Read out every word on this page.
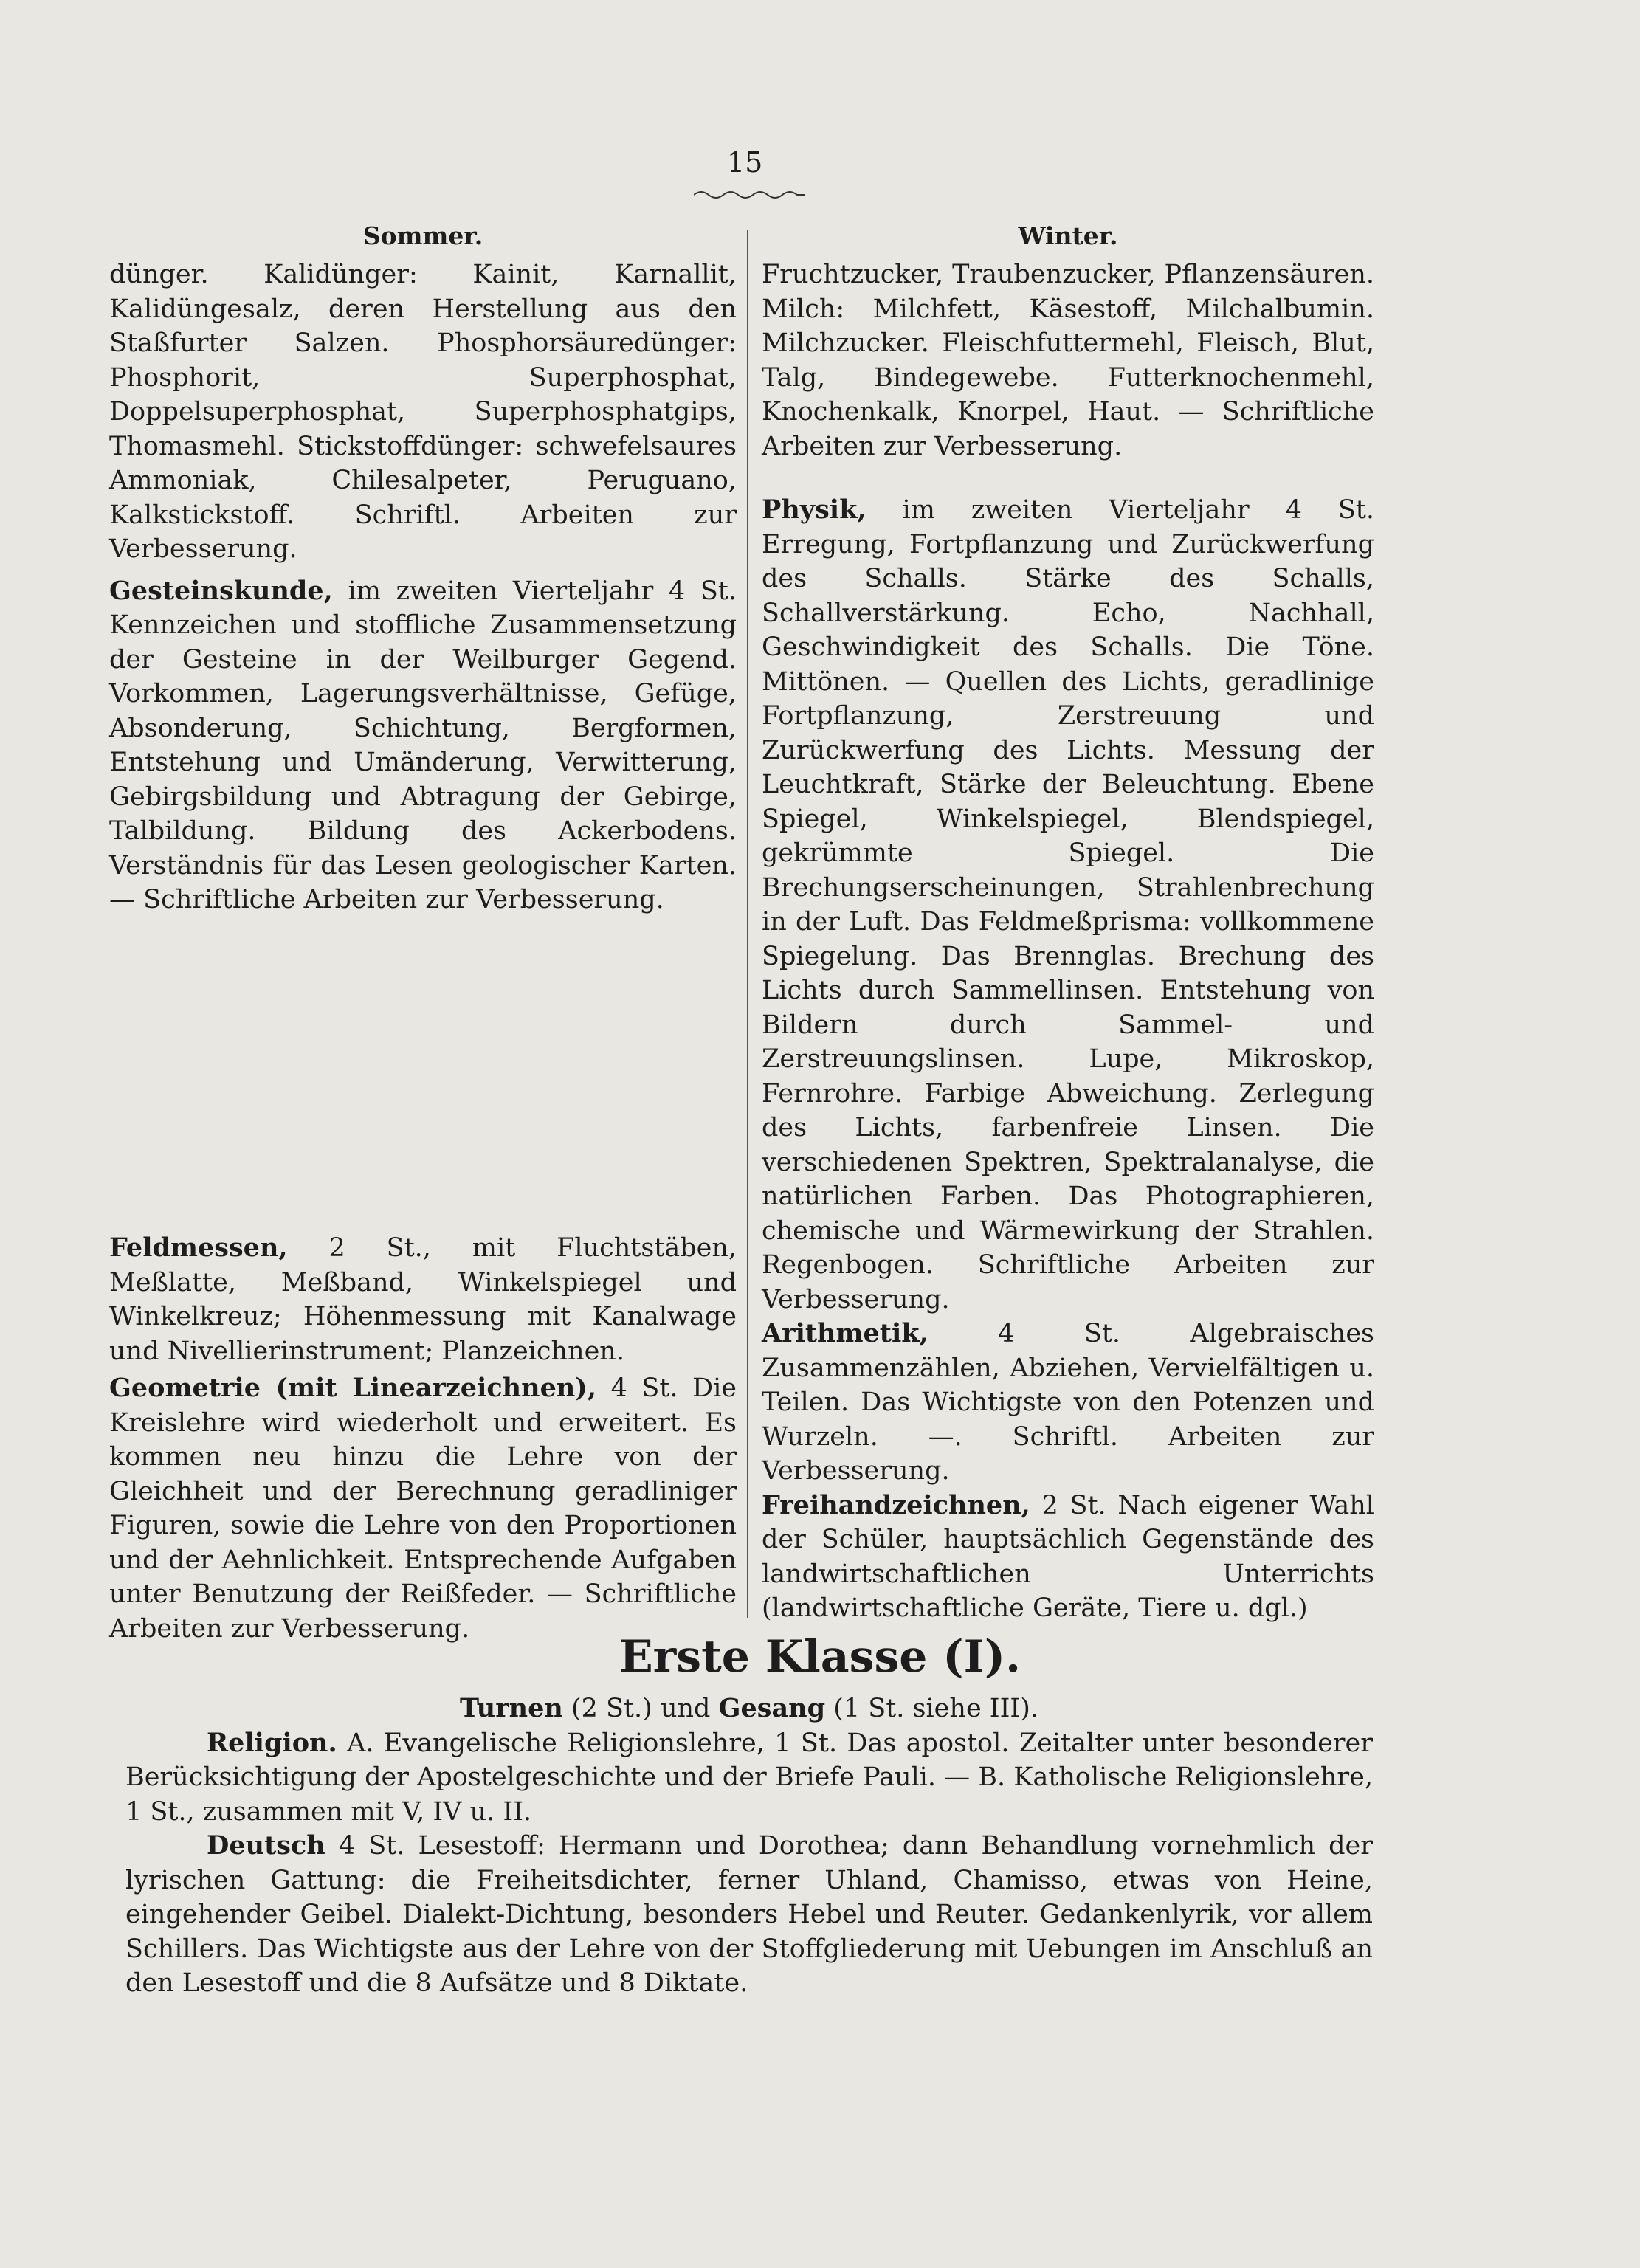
15
Sommer.

dünger. Kalidünger: Kainit, Karnallit, Kalidüngesalz, deren Herstellung aus den Staßfurter Salzen. Phosphorsäuredünger: Phosphorit, Superphosphat, Doppelsuperphosphat, Superphosphatgips, Thomasmehl. Stickstoffdünger: schwefelsaures Ammoniak, Chilesalpeter, Peruguano, Kalkstickstoff. Schriftl. Arbeiten zur Verbesserung.

Gesteinskunde, im zweiten Vierteljahr 4 St. Kennzeichen und stoffliche Zusammensetzung der Gesteine in der Weilburger Gegend. Vorkommen, Lagerungsverhältnisse, Gefüge, Absonderung, Schichtung, Bergformen, Entstehung und Umänderung, Verwitterung, Gebirgsbildung und Abtragung der Gebirge, Talbildung. Bildung des Ackerbodens. Verständnis für das Lesen geologischer Karten. — Schriftliche Arbeiten zur Verbesserung.

Feldmessen, 2 St., mit Fluchtstäben, Meßlatte, Meßband, Winkelspiegel und Winkelkreuz; Höhenmessung mit Kanalwage und Nivellierinstrument; Planzeichnen.

Geometrie (mit Linearzeichnen), 4 St. Die Kreislehre wird wiederholt und erweitert. Es kommen neu hinzu die Lehre von der Gleichheit und der Berechnung geradliniger Figuren, sowie die Lehre von den Proportionen und der Aehnlichkeit. Entsprechende Aufgaben unter Benutzung der Reißfeder. — Schriftliche Arbeiten zur Verbesserung.

Winter.

Fruchtzucker, Traubenzucker, Pflanzensäuren. Milch: Milchfett, Käsestoff, Milchalbumin. Milchzucker. Fleischfuttermehl, Fleisch, Blut, Talg, Bindegewebe. Futterknochenmehl, Knochenkalk, Knorpel, Haut. — Schriftliche Arbeiten zur Verbesserung.

Physik, im zweiten Vierteljahr 4 St. Erregung, Fortpflanzung und Zurückwerfung des Schalls. Stärke des Schalls, Schallverstärkung. Echo, Nachhall, Geschwindigkeit des Schalls. Die Töne. Mittönen. — Quellen des Lichts, geradlinige Fortpflanzung, Zerstreuung und Zurückwerfung des Lichts. Messung der Leuchtkraft, Stärke der Beleuchtung. Ebene Spiegel, Winkelspiegel, Blendspiegel, gekrümmte Spiegel. Die Brechungserscheinungen, Strahlenbrechung in der Luft. Das Feldmeßprisma: vollkommene Spiegelung. Das Brennglas. Brechung des Lichts durch Sammellinsen. Entstehung von Bildern durch Sammel- und Zerstreuungslinsen. Lupe, Mikroskop, Fernrohre. Farbige Abweichung. Zerlegung des Lichts, farbenfreie Linsen. Die verschiedenen Spektren, Spektralanalyse, die natürlichen Farben. Das Photographieren, chemische und Wärmewirkung der Strahlen. Regenbogen. Schriftliche Arbeiten zur Verbesserung.

Arithmetik, 4 St. Algebraisches Zusammenzählen, Abziehen, Vervielfältigen u. Teilen. Das Wichtigste von den Potenzen und Wurzeln. —. Schriftl. Arbeiten zur Verbesserung.

Freihandzeichnen, 2 St. Nach eigener Wahl der Schüler, hauptsächlich Gegenstände des landwirtschaftlichen Unterrichts (landwirtschaftliche Geräte, Tiere u. dgl.)

Erste Klasse (I).

Turnen (2 St.) und Gesang (1 St. siehe III).

Religion. A. Evangelische Religionslehre, 1 St. Das apostol. Zeitalter unter besonderer Berücksichtigung der Apostelgeschichte und der Briefe Pauli. — B. Katholische Religionslehre, 1 St., zusammen mit V, IV u. II.

Deutsch 4 St. Lesestoff: Hermann und Dorothea; dann Behandlung vornehmlich der lyrischen Gattung: die Freiheitsdichter, ferner Uhland, Chamisso, etwas von Heine, eingehender Geibel. Dialekt-Dichtung, besonders Hebel und Reuter. Gedankenlyrik, vor allem Schillers. Das Wichtigste aus der Lehre von der Stoffgliederung mit Uebungen im Anschluß an den Lesestoff und die 8 Aufsätze und 8 Diktate.
